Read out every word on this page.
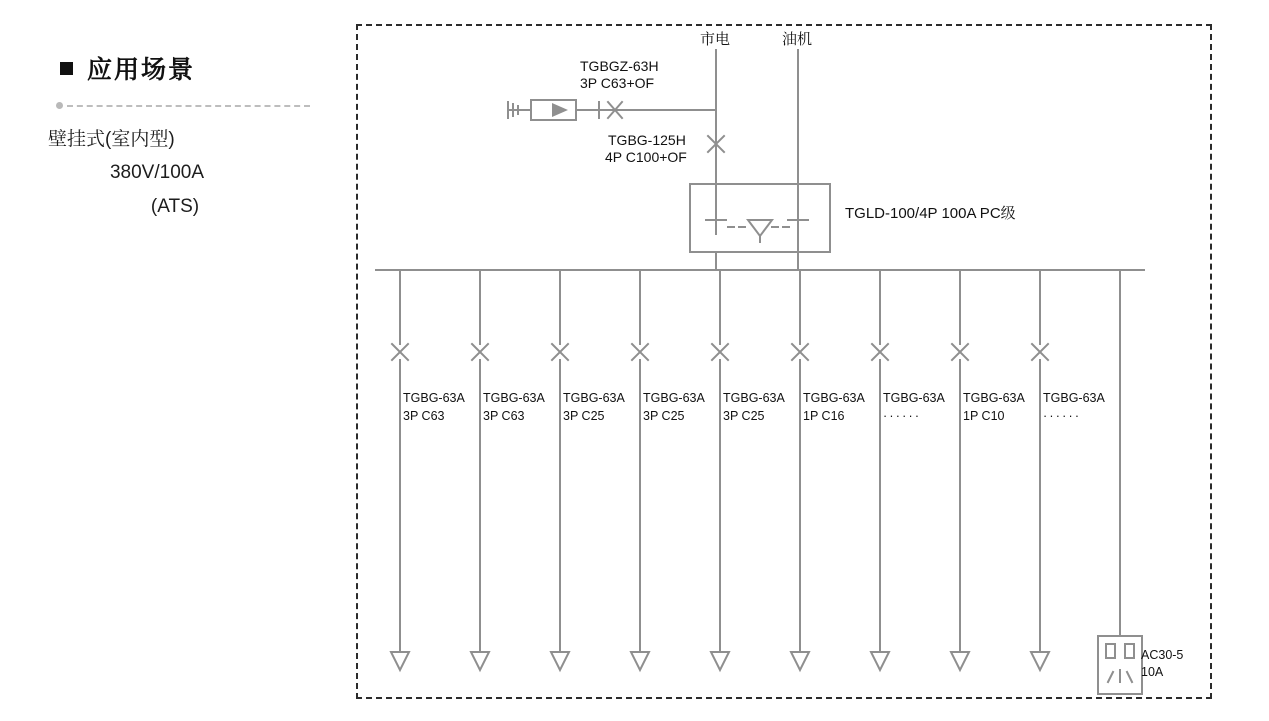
应用场景
壁挂式(室内型)
380V/100A
(ATS)
市电	油机
TGBGZ-63H
3P C63+OF
TGBG-125H
4P C100+OF
TGLD-100/4P 100A PC级
TGBG-63A
3P C63
TGBG-63A
3P C63
TGBG-63A
3P C25
TGBG-63A
3P C25
TGBG-63A
3P C25
TGBG-63A
1P C16
TGBG-63A
······
TGBG-63A
1P C10
TGBG-63A
······
AC30-5
10A
